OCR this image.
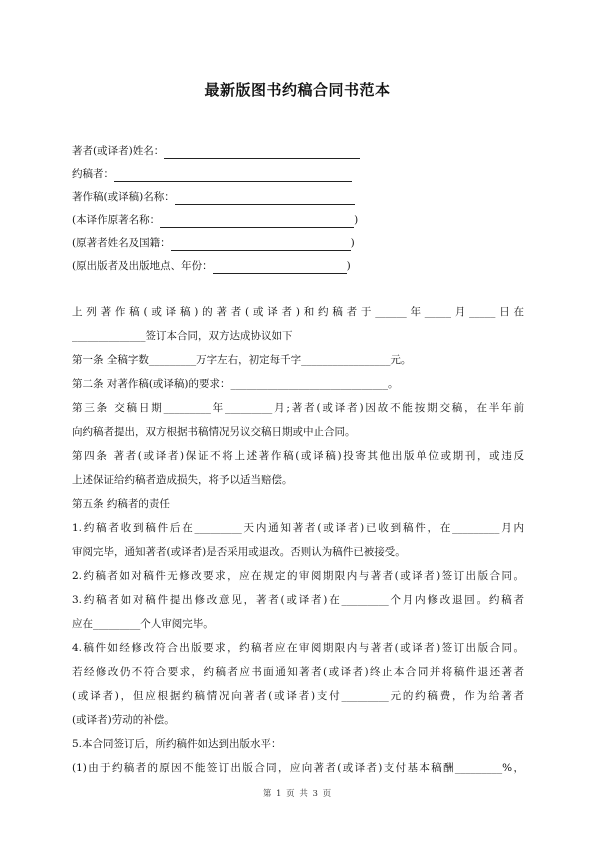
最新版图书约稿合同书范本
著者(或译者)姓名：
约稿者：
著作稿(或译稿)名称：
(本译作原著名称：	)
(原著者姓名及国籍：	)
(原出版者及出版地点、年份：	)
上列著作稿(或译稿)的著者(或译者)和约稿者于______年_____月_____日在
______________签订本合同，双方达成协议如下
第一条 全稿字数_________万字左右，初定每千字_________________元。
第二条 对著作稿(或译稿)的要求：______________________________。
第三条 交稿日期_________年_________月;著者(或译者)因故不能按期交稿，在半年前
向约稿者提出，双方根据书稿情况另议交稿日期或中止合同。
第四条 著者(或译者)保证不将上述著作稿(或译稿)投寄其他出版单位或期刊，或违反
上述保证给约稿者造成损失，将予以适当赔偿。
第五条 约稿者的责任
1.约稿者收到稿件后在_________天内通知著者(或译者)已收到稿件，在_________月内
审阅完毕，通知著者(或译者)是否采用或退改。否则认为稿件已被接受。
2.约稿者如对稿件无修改要求，应在规定的审阅期限内与著者(或译者)签订出版合同。
3.约稿者如对稿件提出修改意见，著者(或译者)在_________个月内修改退回。约稿者
应在_________个人审阅完毕。
4.稿件如经修改符合出版要求，约稿者应在审阅期限内与著者(或译者)签订出版合同。
若经修改仍不符合要求，约稿者应书面通知著者(或译者)终止本合同并将稿件退还著者
(或译者)，但应根据约稿情况向著者(或译者)支付_________元的约稿费，作为给著者
(或译者)劳动的补偿。
5.本合同签订后，所约稿件如达到出版水平：
(1)由于约稿者的原因不能签订出版合同，应向著者(或译者)支付基本稿酬_________%，
第 1 页 共 3 页
